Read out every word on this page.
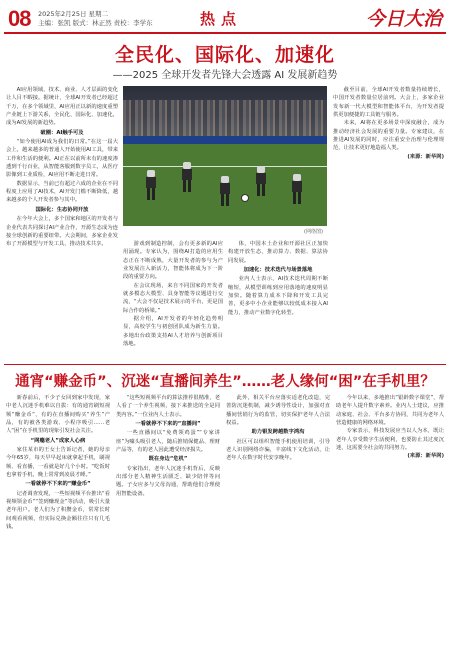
08 2025年2月25日 星期二
主编：张凯 版式：林正然 责校：李学东	热点	今日大治
全民化、国际化、加速化
——2025 全球开发者先锋大会透露 AI 发展新趋势
(网络图)

AI应用领域，技术、商业、人才层面的变化让人目不暇接。据统计，全球AI开发者已经超过千万，在多个领域里，AI应用正以新的速度重塑产业链上下游关系，全民化、国际化、加速化，成为AI发展的新趋势。

破圈：AI触手可及

“如今使用AI成为我们的日常。”在这一届大会上，越来越多的普通人开始使用AI工具，带来工作和生活的便利。AI正在以前所未有的速度渗透到千行百业，从智能客服到数字员工，从医疗影像到工业质检，AI应用不断走进日常。

数据显示，当前已有超过六成的企业在不同程度上应用了AI技术，AI开发门槛不断降低，越来越多的个人开发者参与其中。

国际化：生态协同开放

在今年大会上，多个国家和地区的开发者与企业代表共同探讨AI产业合作，开源生态成为连接全球创新的重要纽带。大会期间，多家企业发布了开源模型与开发工具，推动技术共享。	游戏到制造控制，会有更多新的AI应用涌现。专家认为，围绕AI打造的应用生态正在不断成熟，大量开发者的参与为产业发展注入新活力，智能体将成为下一阶段的重要方向。

在会议现场，来自不同国家的开发者就多模态大模型、具身智能等议题进行交流，“大会不仅是技术展示的平台，更是国际合作的桥梁。”

据介绍，AI开发者的年轻化趋势明显，高校学生与初创团队成为新生力量。多地出台政策支持AI人才培养与创新项目落地。

体，中国本土企业和开源社区正加快构建开放生态，推动算力、数据、算法协同发展。

加速化：技术迭代与场景落地

业内人士表示，AI技术迭代周期不断缩短，从模型训练到应用落地的速度明显加快。随着算力成本下降和开发工具完善，更多中小企业能够以较低成本接入AI能力，推动产业数字化转型。

截至目前，全球AI开发者数量持续增长，中国开发者数量位居前列。大会上，多家企业发布新一代大模型和智能体平台，为开发者提供更加便捷的工具链与服务。

未来，AI将在更多场景中深度融合，成为推动经济社会发展的重要力量。专家建议，在推进AI发展的同时，应注重安全治理与伦理规范，让技术更好地造福人类。

(来源：新华网)
通宵“赚金币”、沉迷“直播间养生”……老人缘何“困”在手机里？

新春前后，不少子女回到家中发现，家中老人沉迷手机难以自拔：有的通宵刷短视频“赚金币”，有的在直播间购买“养生”产品，有的被各类游戏、小程序吸引……老人“困”在手机里的现象引发社会关注。

“网瘾老人”成家人心病

家住某市的王女士告诉记者，她的母亲今年65岁，每天早早起床就拿起手机，刷视频、看直播，一看就是好几个小时。“吃饭时也拿着手机，晚上常常到凌晨才睡。”

一看就停不下来的“赚金币”

记者调查发现，一些短视频平台推出“看视频领金币”“签到赚现金”等活动，吸引大量老年用户。老人们为了积攒金币，常常长时间观看视频，但实际兑换金额往往只有几毛钱。

“这些短视频平台的算法推荐很精准，老人看了一个养生视频，接下来推送的全是同类内容。”一位业内人士表示。

一看就停不下来的“直播间”

一些直播间以“免费领鸡蛋”“专家讲座”为噱头吸引老人，随后推销保健品、理财产品等，有的老人因此遭受经济损失。

既在身边“危机”

专家指出，老年人沉迷手机背后，反映出部分老人精神生活匮乏、缺少陪伴等问题。子女应多与父母沟通，帮助他们合理使用智能设备。

此外，相关平台应落实适老化改造，完善防沉迷机制，减少诱导性设计，加强对直播间营销行为的监管，切实保护老年人合法权益。

助力银发跨越数字鸿沟

社区可以组织智能手机使用培训，引导老人识别网络诈骗，丰富线下文化活动，让老年人在数字时代安享晚年。

今年以来，多地推出“银龄数字课堂”，帮助老年人提升数字素养。业内人士建议，应推动家庭、社会、平台多方协同，共同为老年人营造健康的网络环境。

专家表示，科技发展应当以人为本，既让老年人享受数字生活便利，也要防止其过度沉迷，这需要全社会的共同努力。

(来源：新华网)
